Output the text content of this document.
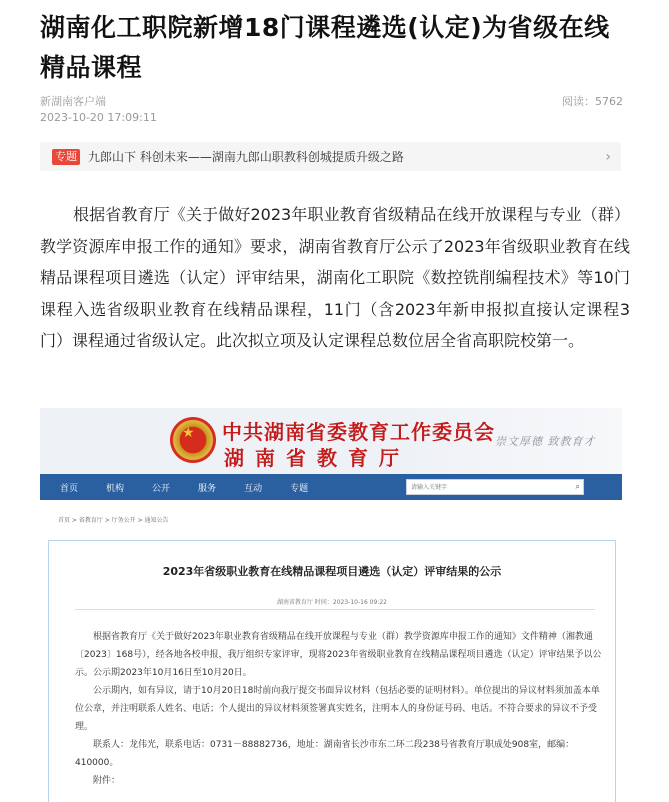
湖南化工职院新增18门课程遴选(认定)为省级在线精品课程
新湖南客户端
2023-10-20 17:09:11
阅读：5762
专题 九郎山下 科创未来——湖南九郎山职教科创城提质升级之路	›
根据省教育厅《关于做好2023年职业教育省级精品在线开放课程与专业（群）教学资源库申报工作的通知》要求，湖南省教育厅公示了2023年省级职业教育在线精品课程项目遴选（认定）评审结果，湖南化工职院《数控铣削编程技术》等10门课程入选省级职业教育在线精品课程，11门（含2023年新申报拟直接认定课程3门）课程通过省级认定。此次拟立项及认定课程总数位居全省高职院校第一。
★ 中共湖南省委教育工作委员会
湖南省教育厅
崇文厚德 致教育才
首页	机构	公开	服务	互动	专题
请输入关键字	⌕
首页 > 省教育厅 > 厅务公开 > 通知公告
2023年省级职业教育在线精品课程项目遴选（认定）评审结果的公示
湖南省教育厅 时间：2023-10-16 09:22

根据省教育厅《关于做好2023年职业教育省级精品在线开放课程与专业（群）教学资源库申报工作的通知》文件精神（湘教通〔2023〕168号），经各地各校申报，我厅组织专家评审，现将2023年省级职业教育在线精品课程项目遴选（认定）评审结果予以公示。公示期2023年10月16日至10月20日。

公示期内，如有异议，请于10月20日18时前向我厅提交书面异议材料（包括必要的证明材料）。单位提出的异议材料须加盖本单位公章，并注明联系人姓名、电话；个人提出的异议材料须签署真实姓名，注明本人的身份证号码、电话。不符合要求的异议不予受理。

联系人：龙伟光，联系电话：0731－88882736，地址：湖南省长沙市东二环二段238号省教育厅职成处908室，邮编：410000。

附件：
